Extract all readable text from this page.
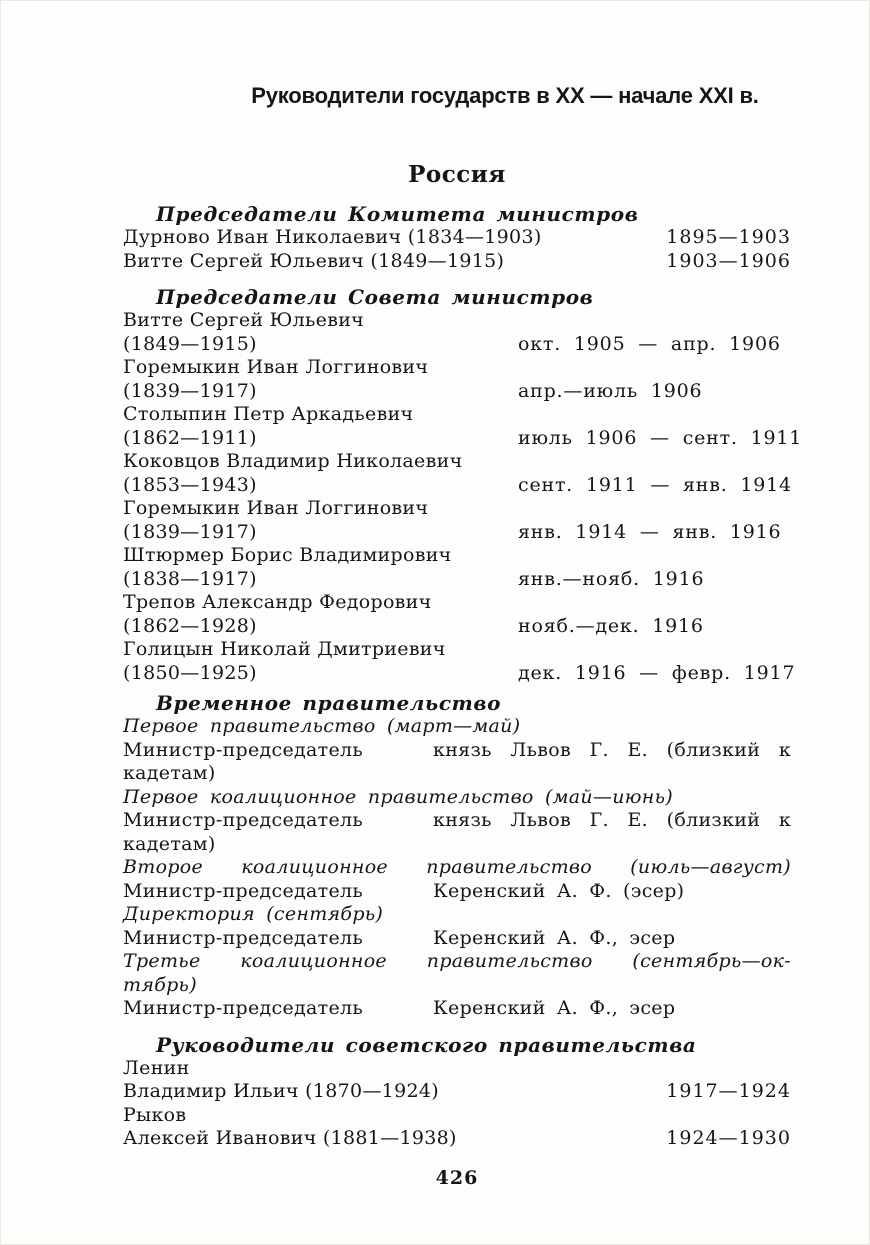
Руководители государств в XX — начале XXI в.
Россия
Председатели Комитета министров
Дурново Иван Николаевич (1834—1903)	1895—1903
Витте Сергей Юльевич (1849—1915)	1903—1906
Председатели Совета министров
Витте Сергей Юльевич
(1849—1915)	окт. 1905 — апр. 1906
Горемыкин Иван Логгинович
(1839—1917)	апр.—июль 1906
Столыпин Петр Аркадьевич
(1862—1911)	июль 1906 — сент. 1911
Коковцов Владимир Николаевич
(1853—1943)	сент. 1911 — янв. 1914
Горемыкин Иван Логгинович
(1839—1917)	янв. 1914 — янв. 1916
Штюрмер Борис Владимирович
(1838—1917)	янв.—нояб. 1916
Трепов Александр Федорович
(1862—1928)	нояб.—дек. 1916
Голицын Николай Дмитриевич
(1850—1925)	дек. 1916 — февр. 1917
Временное правительство
Первое правительство (март—май)

Министр-председатель	князь Львов Г. Е. (близкий к кадетам)

Первое коалиционное правительство (май—июнь)

Министр-председатель	князь Львов Г. Е. (близкий к кадетам)

Второе коалиционное правительство (июль—август)

Министр-председатель	Керенский А. Ф. (эсер)

Директория (сентябрь)

Министр-председатель	Керенский А. Ф., эсер

Третье коалиционное правительство (сентябрь—ок-
тябрь)

Министр-председатель	Керенский А. Ф., эсер

Руководители советского правительства
Ленин
Владимир Ильич (1870—1924)	1917—1924
Рыков
Алексей Иванович (1881—1938)	1924—1930
426
